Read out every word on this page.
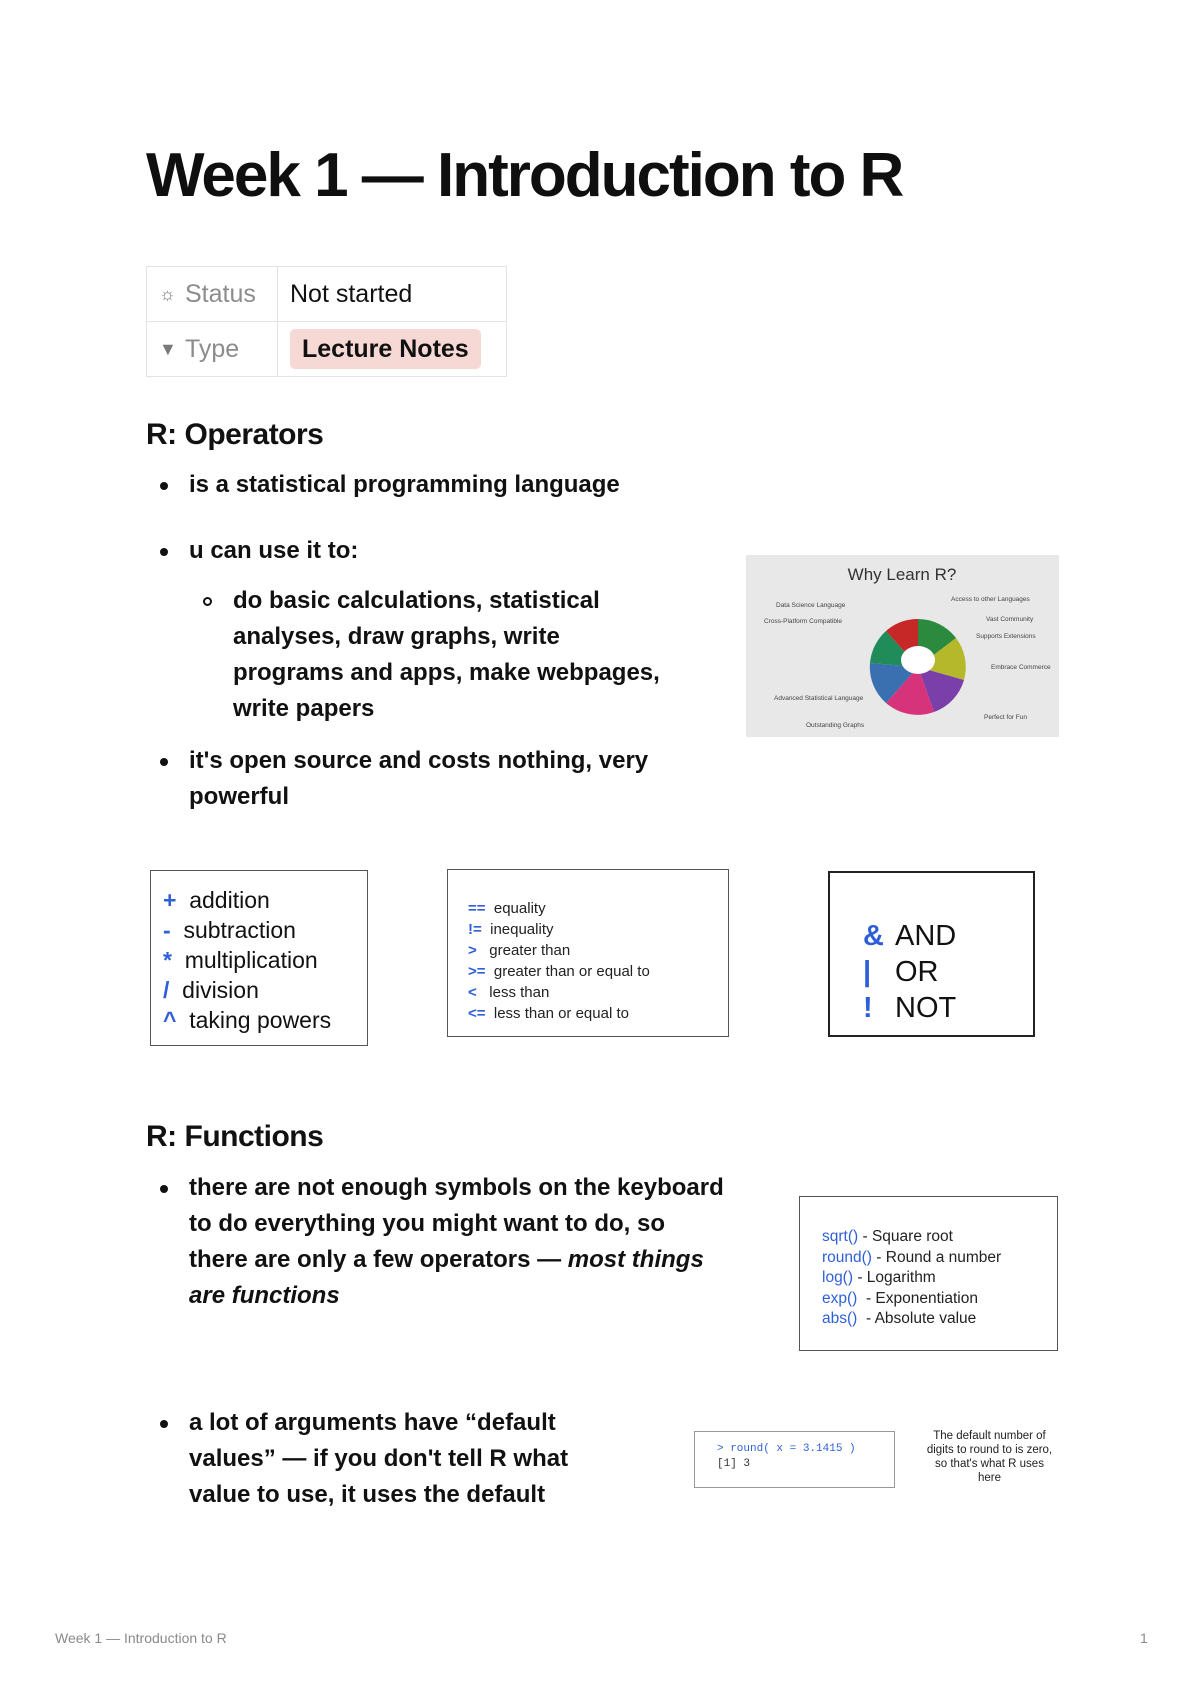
Week 1 — Introduction to R
☼ Status	Not started
▼ Type	Lecture Notes
R: Operators
is a statistical programming language
u can use it to:
do basic calculations, statistical
analyses, draw graphs, write
programs and apps, make webpages,
write papers
it's open source and costs nothing, very
powerful
Why Learn R?
Data Science Language
Cross-Platform Compatible
Advanced Statistical Language
Outstanding Graphs
Access to other Languages
Vast Community
Supports Extensions
Embrace Commerce
Perfect for Fun
+ addition
- subtraction
* multiplication
/ division
^ taking powers
== equality
!= inequality
> greater than
>= greater than or equal to
< less than
<= less than or equal to
& AND
| OR
! NOT
R: Functions
there are not enough symbols on the keyboard
to do everything you might want to do, so
there are only a few operators — most things
are functions
sqrt() - Square root
round() - Round a number
log() - Logarithm
exp() - Exponentiation
abs() - Absolute value
a lot of arguments have “default
values” — if you don't tell R what
value to use, it uses the default
> round( x = 3.1415 )
[1] 3
The default number of
digits to round to is zero,
so that's what R uses
here
Week 1 — Introduction to R	1
